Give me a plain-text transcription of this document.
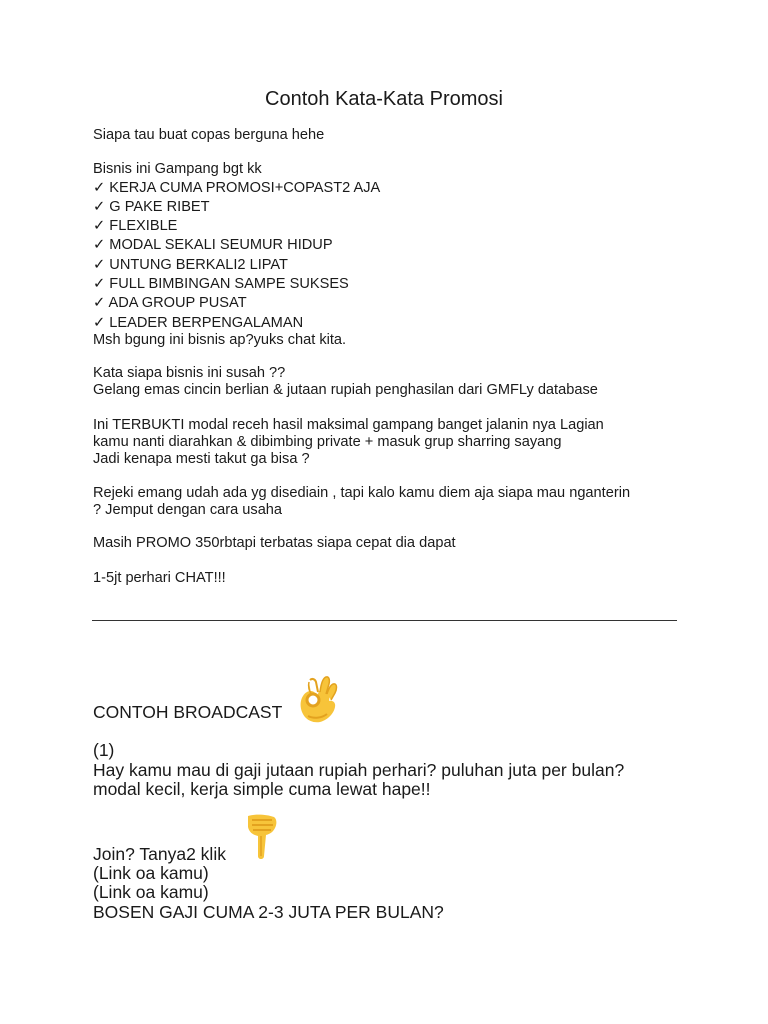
Contoh Kata-Kata Promosi
Siapa tau buat copas berguna hehe
Bisnis ini Gampang bgt kk
✓ KERJA CUMA PROMOSI+COPAST2 AJA
✓ G PAKE RIBET
✓ FLEXIBLE
✓ MODAL SEKALI SEUMUR HIDUP
✓ UNTUNG BERKALI2 LIPAT
✓ FULL BIMBINGAN SAMPE SUKSES
✓ ADA GROUP PUSAT
✓ LEADER BERPENGALAMAN
Msh bgung ini bisnis ap?yuks chat kita.
Kata siapa bisnis ini susah ??
Gelang emas cincin berlian & jutaan rupiah penghasilan dari GMFLy database
Ini TERBUKTI modal receh hasil maksimal gampang banget jalanin nya Lagian
kamu nanti diarahkan & dibimbing private + masuk grup sharring sayang
Jadi kenapa mesti takut ga bisa ?
Rejeki emang udah ada yg disediain , tapi kalo kamu diem aja siapa mau nganterin
? Jemput dengan cara usaha
Masih PROMO 350rbtapi terbatas siapa cepat dia dapat
1-5jt perhari CHAT!!!
CONTOH BROADCAST
(1)
Hay kamu mau di gaji jutaan rupiah perhari? puluhan juta per bulan?
modal kecil, kerja simple cuma lewat hape!!
Join? Tanya2 klik
(Link oa kamu)
(Link oa kamu)
BOSEN GAJI CUMA 2-3 JUTA PER BULAN?
